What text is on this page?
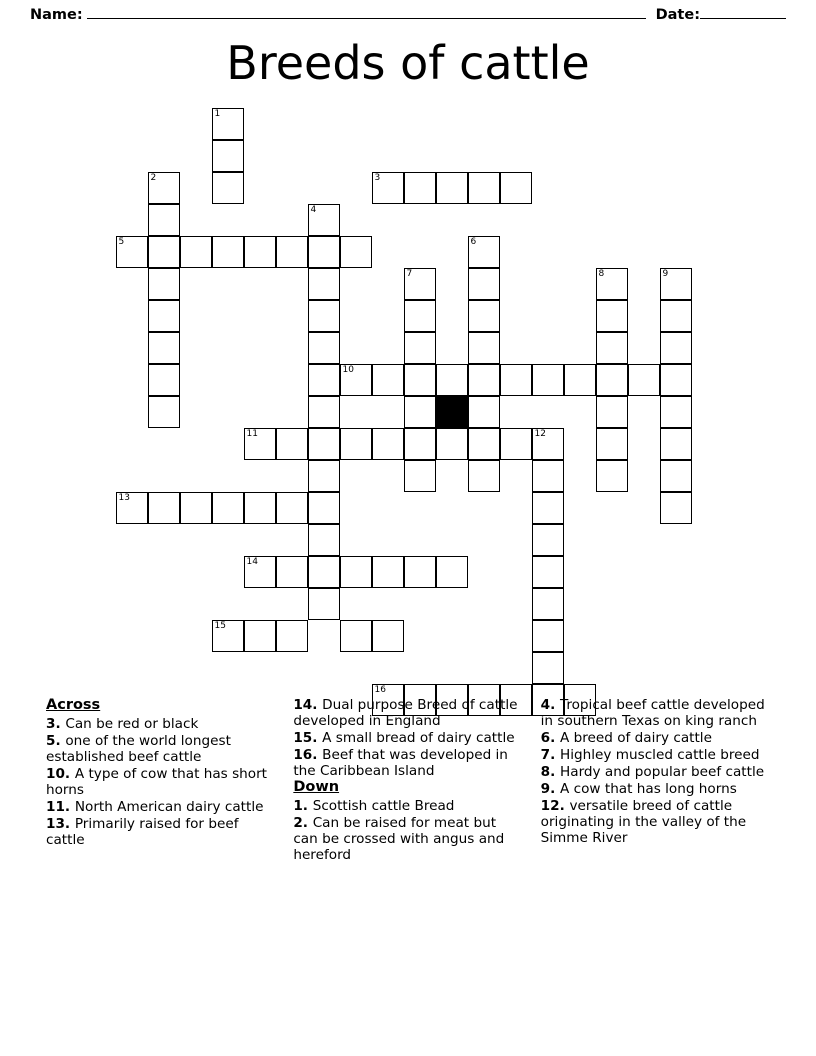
Name:	Date:
Breeds of cattle
1
2	3
4
5	6
7	8	9
10
11	12
13
14
15
16
Across
3. Can be red or black
5. one of the world longest established beef cattle
10. A type of cow that has short horns
11. North American dairy cattle
13. Primarily raised for beef cattle
14. Dual purpose Breed of cattle developed in England
15. A small bread of dairy cattle
16. Beef that was developed in the Caribbean Island
Down
1. Scottish cattle Bread
2. Can be raised for meat but can be crossed with angus and hereford
4. Tropical beef cattle developed in southern Texas on king ranch
6. A breed of dairy cattle
7. Highley muscled cattle breed
8. Hardy and popular beef cattle
9. A cow that has long horns
12. versatile breed of cattle originating in the valley of the Simme River
